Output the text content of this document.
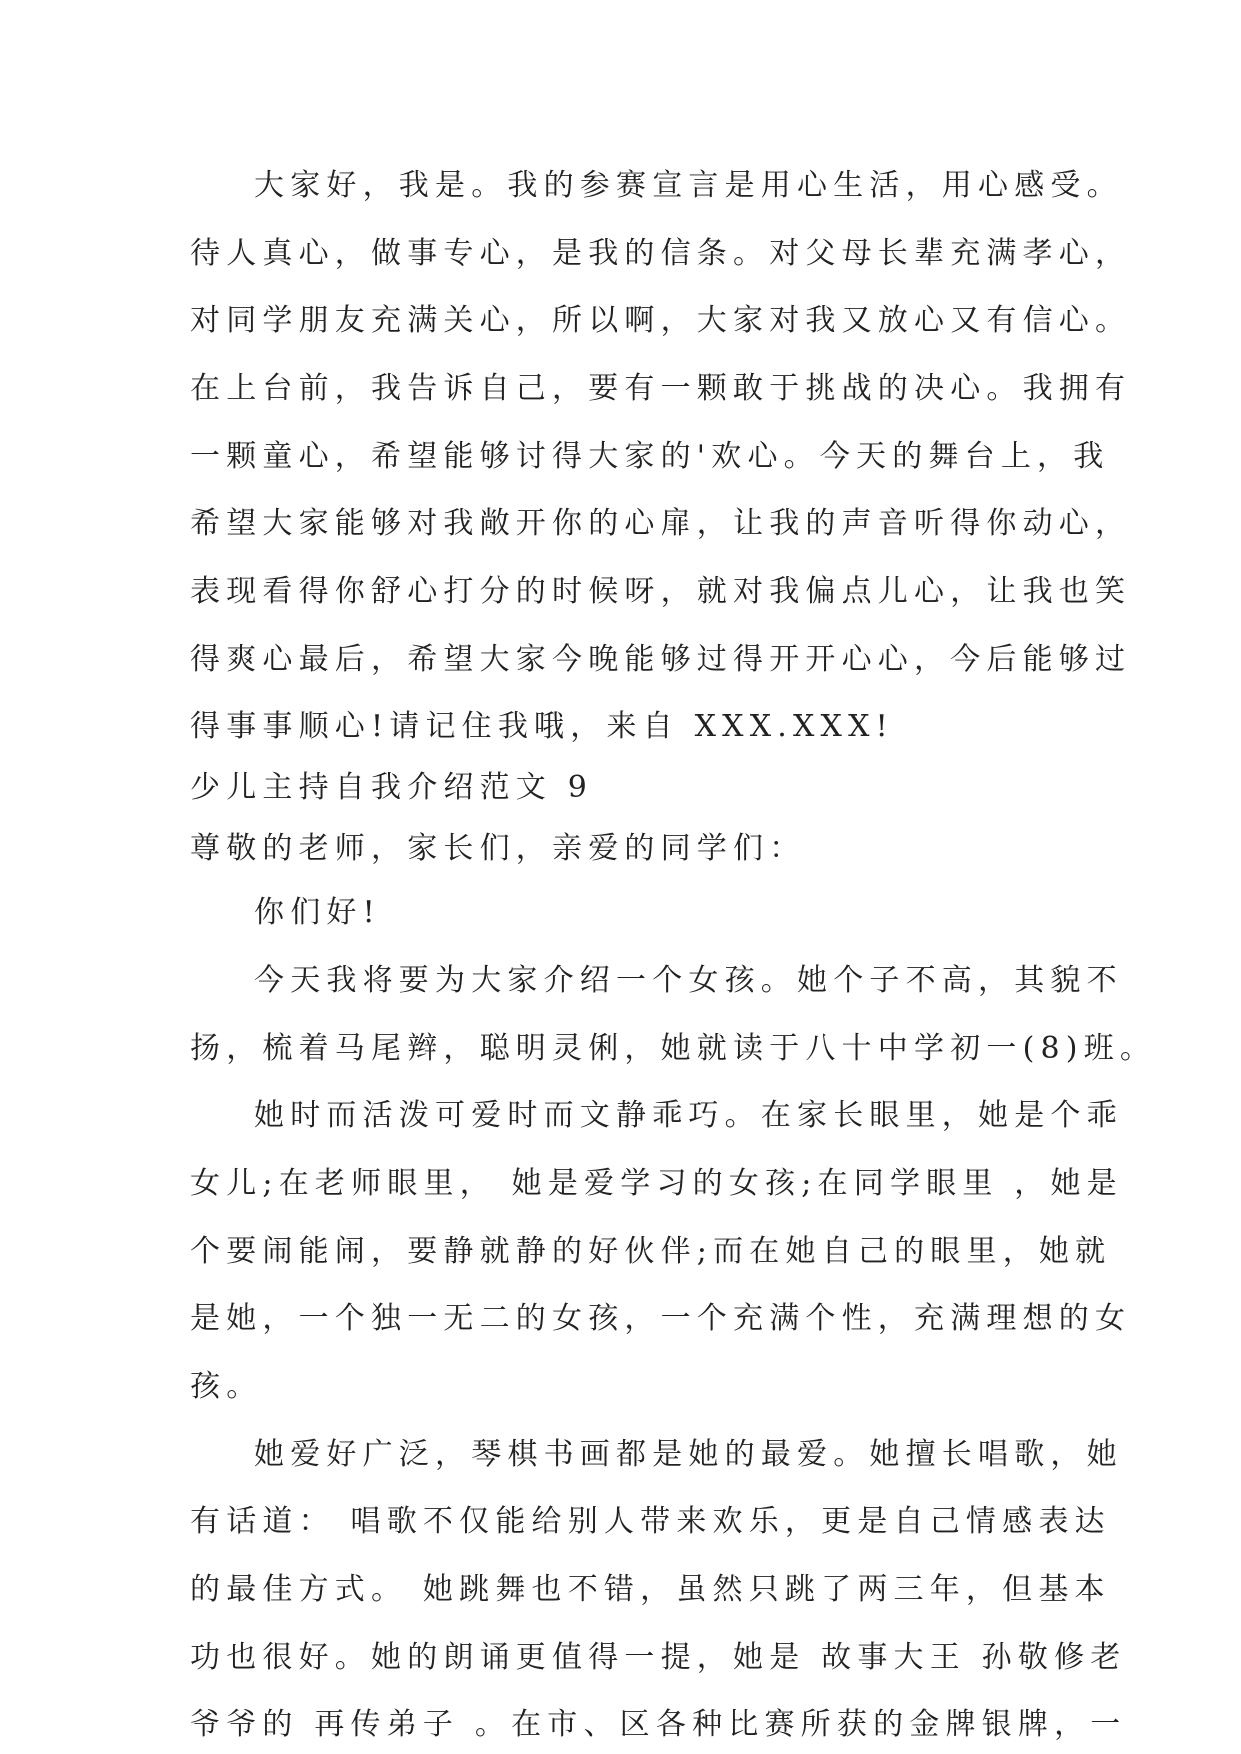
大家好，我是。我的参赛宣言是用心生活，用心感受。

待人真心，做事专心，是我的信条。对父母长辈充满孝心，

对同学朋友充满关心，所以啊，大家对我又放心又有信心。

在上台前，我告诉自己，要有一颗敢于挑战的决心。我拥有

一颗童心，希望能够讨得大家的'欢心。今天的舞台上，我

希望大家能够对我敞开你的心扉，让我的声音听得你动心，

表现看得你舒心打分的时候呀，就对我偏点儿心，让我也笑

得爽心最后，希望大家今晚能够过得开开心心，今后能够过

得事事顺心!请记住我哦，来自 XXX.XXX!

少儿主持自我介绍范文 9

尊敬的老师，家长们，亲爱的同学们：

你们好!

今天我将要为大家介绍一个女孩。她个子不高，其貌不

扬，梳着马尾辫，聪明灵俐，她就读于八十中学初一(8)班。

她时而活泼可爱时而文静乖巧。在家长眼里，她是个乖

女儿;在老师眼里， 她是爱学习的女孩;在同学眼里 ，她是

个要闹能闹，要静就静的好伙伴;而在她自己的眼里，她就

是她，一个独一无二的女孩，一个充满个性，充满理想的女

孩。

她爱好广泛，琴棋书画都是她的最爱。她擅长唱歌，她

有话道： 唱歌不仅能给别人带来欢乐，更是自己情感表达

的最佳方式。 她跳舞也不错，虽然只跳了两三年，但基本

功也很好。她的朗诵更值得一提，她是 故事大王 孙敬修老

爷爷的 再传弟子 。在市、区各种比赛所获的金牌银牌，一
